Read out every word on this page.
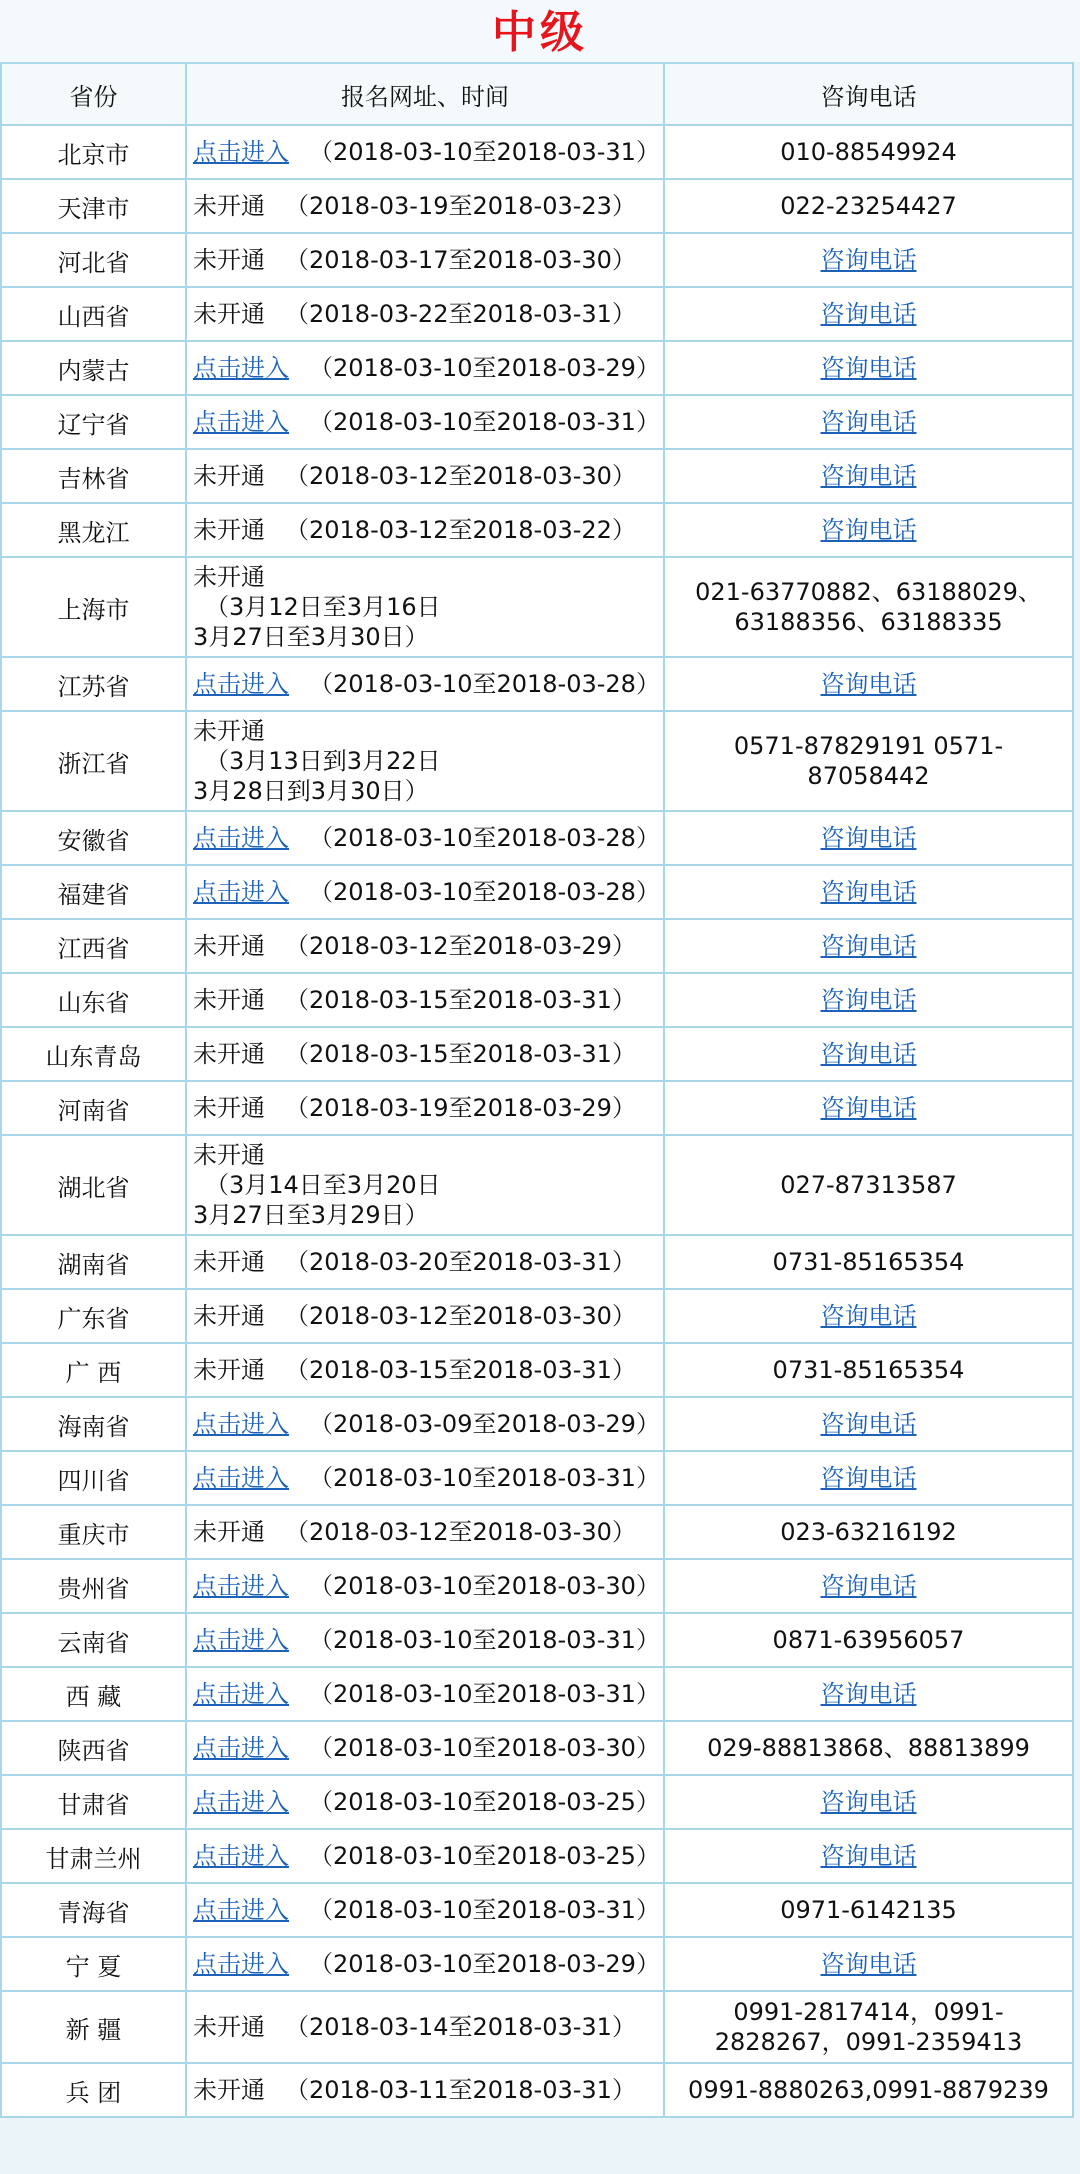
中级
省份	报名网址、时间	咨询电话
北京市	点击进入 （2018-03-10至2018-03-31）	010-88549924
天津市	未开通 （2018-03-19至2018-03-23）	022-23254427
河北省	未开通 （2018-03-17至2018-03-30）	咨询电话
山西省	未开通 （2018-03-22至2018-03-31）	咨询电话
内蒙古	点击进入 （2018-03-10至2018-03-29）	咨询电话
辽宁省	点击进入 （2018-03-10至2018-03-31）	咨询电话
吉林省	未开通 （2018-03-12至2018-03-30）	咨询电话
黑龙江	未开通 （2018-03-12至2018-03-22）	咨询电话
上海市	未开通
（3月12日至3月16日
3月27日至3月30日）	021-63770882、63188029、
63188356、63188335
江苏省	点击进入 （2018-03-10至2018-03-28）	咨询电话
浙江省	未开通
（3月13日到3月22日
3月28日到3月30日）	0571-87829191 0571-
87058442
安徽省	点击进入 （2018-03-10至2018-03-28）	咨询电话
福建省	点击进入 （2018-03-10至2018-03-28）	咨询电话
江西省	未开通 （2018-03-12至2018-03-29）	咨询电话
山东省	未开通 （2018-03-15至2018-03-31）	咨询电话
山东青岛	未开通 （2018-03-15至2018-03-31）	咨询电话
河南省	未开通 （2018-03-19至2018-03-29）	咨询电话
湖北省	未开通
（3月14日至3月20日
3月27日至3月29日）	027-87313587
湖南省	未开通 （2018-03-20至2018-03-31）	0731-85165354
广东省	未开通 （2018-03-12至2018-03-30）	咨询电话
广 西	未开通 （2018-03-15至2018-03-31）	0731-85165354
海南省	点击进入 （2018-03-09至2018-03-29）	咨询电话
四川省	点击进入 （2018-03-10至2018-03-31）	咨询电话
重庆市	未开通 （2018-03-12至2018-03-30）	023-63216192
贵州省	点击进入 （2018-03-10至2018-03-30）	咨询电话
云南省	点击进入 （2018-03-10至2018-03-31）	0871-63956057
西 藏	点击进入 （2018-03-10至2018-03-31）	咨询电话
陕西省	点击进入 （2018-03-10至2018-03-30）	029-88813868、88813899
甘肃省	点击进入 （2018-03-10至2018-03-25）	咨询电话
甘肃兰州	点击进入 （2018-03-10至2018-03-25）	咨询电话
青海省	点击进入 （2018-03-10至2018-03-31）	0971-6142135
宁 夏	点击进入 （2018-03-10至2018-03-29）	咨询电话
新 疆	未开通 （2018-03-14至2018-03-31）	0991-2817414，0991-
2828267，0991-2359413
兵 团	未开通 （2018-03-11至2018-03-31）	0991-8880263,0991-8879239
